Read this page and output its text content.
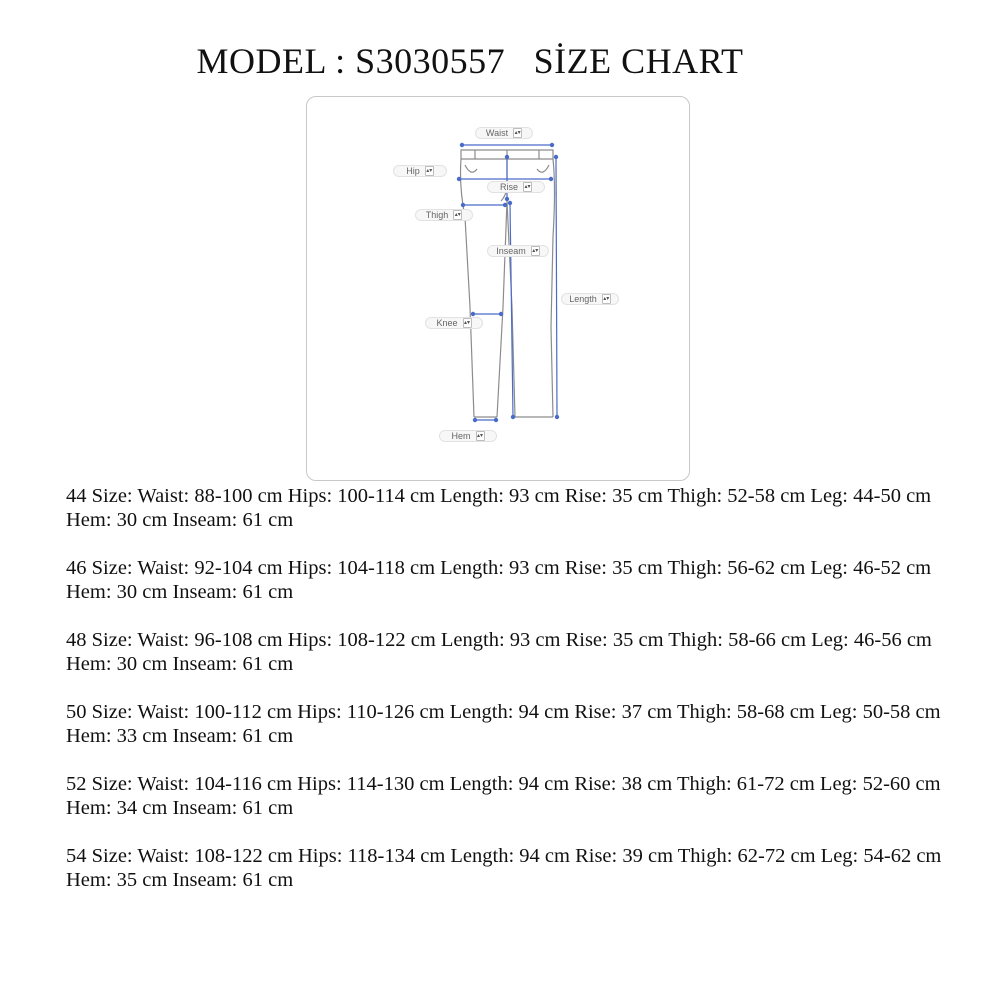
MODEL : S3030557   SİZE CHART
Waist ▴▾
Hip ▴▾
Rise ▴▾
Thigh ▴▾
Inseam ▴▾
Length ▴▾
Knee ▴▾
Hem ▴▾
44 Size: Waist: 88-100 cm Hips: 100-114 cm Length: 93 cm Rise: 35 cm Thigh: 52-58 cm Leg: 44-50 cm Hem: 30 cm Inseam: 61 cm
46 Size: Waist: 92-104 cm Hips: 104-118 cm Length: 93 cm Rise: 35 cm Thigh: 56-62 cm Leg: 46-52 cm Hem: 30 cm Inseam: 61 cm
48 Size: Waist: 96-108 cm Hips: 108-122 cm Length: 93 cm Rise: 35 cm Thigh: 58-66 cm Leg: 46-56 cm Hem: 30 cm Inseam: 61 cm
50 Size: Waist: 100-112 cm Hips: 110-126 cm Length: 94 cm Rise: 37 cm Thigh: 58-68 cm Leg: 50-58 cm Hem: 33 cm Inseam: 61 cm
52 Size: Waist: 104-116 cm Hips: 114-130 cm Length: 94 cm Rise: 38 cm Thigh: 61-72 cm Leg: 52-60 cm Hem: 34 cm Inseam: 61 cm
54 Size: Waist: 108-122 cm Hips: 118-134 cm Length: 94 cm Rise: 39 cm Thigh: 62-72 cm Leg: 54-62 cm Hem: 35 cm Inseam: 61 cm
